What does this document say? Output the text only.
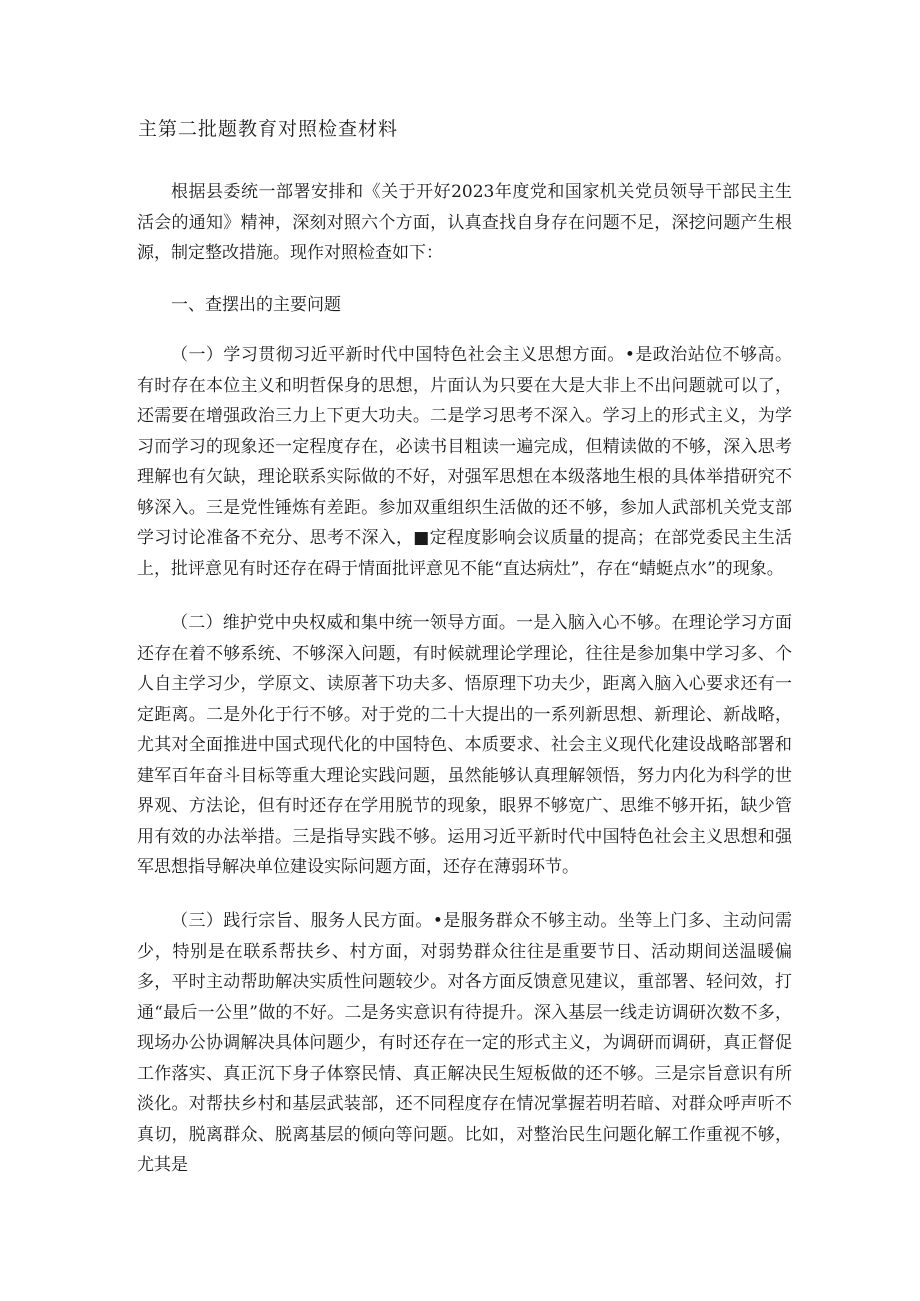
主第二批题教育对照检查材料

根据县委统一部署安排和《关于开好2023年度党和国家机关党员领导干部民主生活会的通知》精神，深刻对照六个方面，认真查找自身存在问题不足，深挖问题产生根源，制定整改措施。现作对照检查如下：

一、查摆出的主要问题

（一）学习贯彻习近平新时代中国特色社会主义思想方面。•是政治站位不够高。有时存在本位主义和明哲保身的思想，片面认为只要在大是大非上不出问题就可以了，还需要在增强政治三力上下更大功夫。二是学习思考不深入。学习上的形式主义，为学习而学习的现象还一定程度存在，必读书目粗读一遍完成，但精读做的不够，深入思考理解也有欠缺，理论联系实际做的不好，对强军思想在本级落地生根的具体举措研究不够深入。三是党性锤炼有差距。参加双重组织生活做的还不够，参加人武部机关党支部学习讨论准备不充分、思考不深入，■定程度影响会议质量的提高；在部党委民主生活上，批评意见有时还存在碍于情面批评意见不能“直达病灶”，存在“蜻蜓点水”的现象。

（二）维护党中央权威和集中统一领导方面。一是入脑入心不够。在理论学习方面还存在着不够系统、不够深入问题，有时候就理论学理论，往往是参加集中学习多、个人自主学习少，学原文、读原著下功夫多、悟原理下功夫少，距离入脑入心要求还有一定距离。二是外化于行不够。对于党的二十大提出的一系列新思想、新理论、新战略，尤其对全面推进中国式现代化的中国特色、本质要求、社会主义现代化建设战略部署和建军百年奋斗目标等重大理论实践问题，虽然能够认真理解领悟，努力内化为科学的世界观、方法论，但有时还存在学用脱节的现象，眼界不够宽广、思维不够开拓，缺少管用有效的办法举措。三是指导实践不够。运用习近平新时代中国特色社会主义思想和强军思想指导解决单位建设实际问题方面，还存在薄弱环节。

（三）践行宗旨、服务人民方面。•是服务群众不够主动。坐等上门多、主动问需少，特别是在联系帮扶乡、村方面，对弱势群众往往是重要节日、活动期间送温暖偏多，平时主动帮助解决实质性问题较少。对各方面反馈意见建议，重部署、轻问效，打通“最后一公里”做的不好。二是务实意识有待提升。深入基层一线走访调研次数不多，现场办公协调解决具体问题少，有时还存在一定的形式主义，为调研而调研，真正督促工作落实、真正沉下身子体察民情、真正解决民生短板做的还不够。三是宗旨意识有所淡化。对帮扶乡村和基层武装部，还不同程度存在情况掌握若明若暗、对群众呼声听不真切，脱离群众、脱离基层的倾向等问题。比如，对整治民生问题化解工作重视不够，尤其是
